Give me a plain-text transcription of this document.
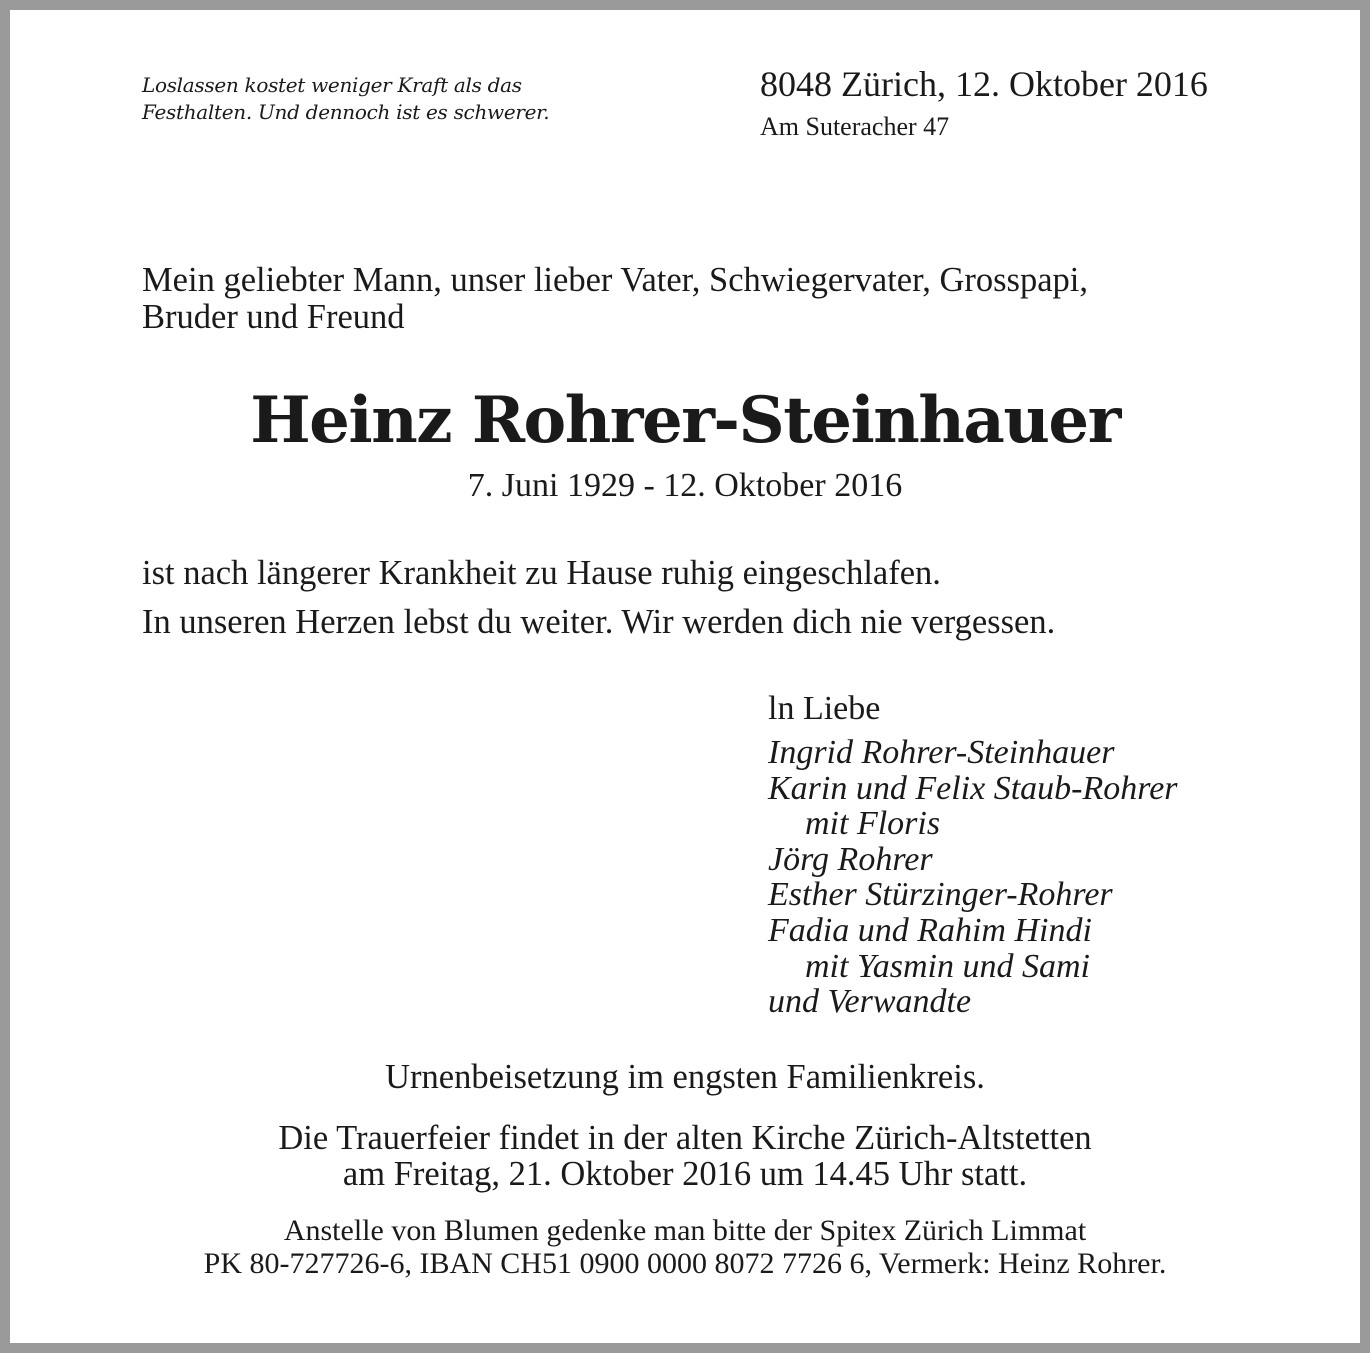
Loslassen kostet weniger Kraft als das
Festhalten. Und dennoch ist es schwerer.
8048 Zürich, 12. Oktober 2016
Am Suteracher 47
Mein geliebter Mann, unser lieber Vater, Schwiegervater, Grosspapi,
Bruder und Freund
Heinz Rohrer-Steinhauer
7. Juni 1929 - 12. Oktober 2016
ist nach längerer Krankheit zu Hause ruhig eingeschlafen.
In unseren Herzen lebst du weiter. Wir werden dich nie vergessen.
ln Liebe
Ingrid Rohrer-Steinhauer
Karin und Felix Staub-Rohrer
mit Floris
Jörg Rohrer
Esther Stürzinger-Rohrer
Fadia und Rahim Hindi
mit Yasmin und Sami
und Verwandte
Urnenbeisetzung im engsten Familienkreis.
Die Trauerfeier findet in der alten Kirche Zürich-Altstetten
am Freitag, 21. Oktober 2016 um 14.45 Uhr statt.
Anstelle von Blumen gedenke man bitte der Spitex Zürich Limmat
PK 80-727726-6, IBAN CH51 0900 0000 8072 7726 6, Vermerk: Heinz Rohrer.
